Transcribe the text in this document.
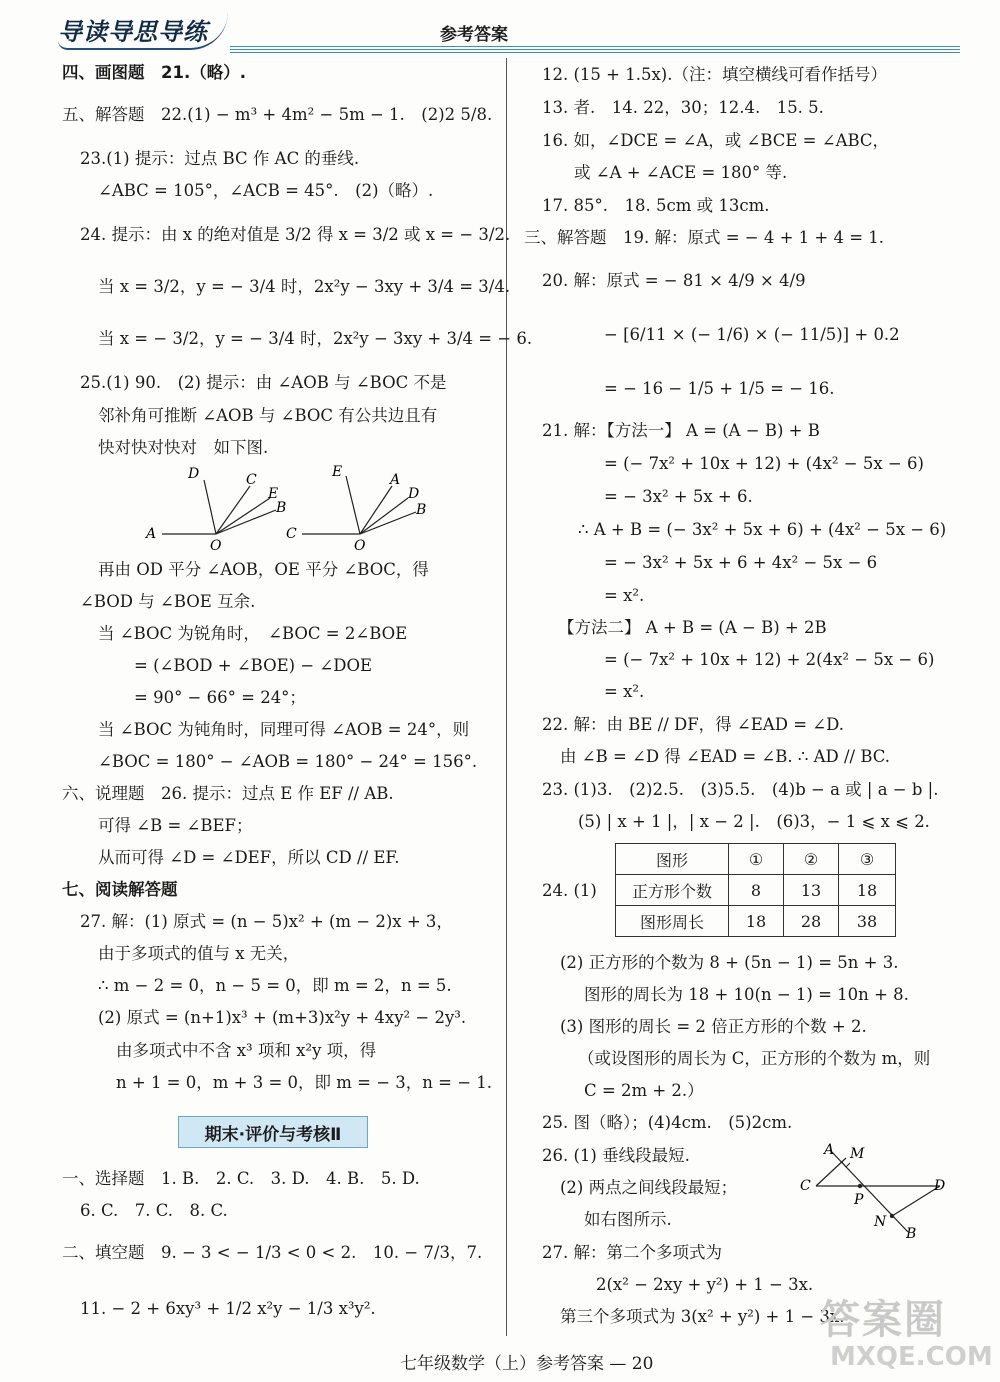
导读导思导练	参考答案
四、画图题　21.（略）.
五、解答题　22.(1) − m³ + 4m² − 5m − 1.　(2)2 5/8.
23.(1) 提示：过点 BC 作 AC 的垂线.
∠ABC = 105°，∠ACB = 45°.　(2)（略）.
24. 提示：由 x 的绝对值是 3/2 得 x = 3/2 或 x = − 3/2.
当 x = 3/2，y = − 3/4 时，2x²y − 3xy + 3/4 = 3/4.
当 x = − 3/2，y = − 3/4 时，2x²y − 3xy + 3/4 = − 6.
25.(1) 90.　(2) 提示：由 ∠AOB 与 ∠BOC 不是
邻补角可推断 ∠AOB 与 ∠BOC 有公共边且有
快对快对快对　如下图.
D	C
E
B
A
O
E	A
D
B
C
O
再由 OD 平分 ∠AOB，OE 平分 ∠BOC，得
∠BOD 与 ∠BOE 互余.
当 ∠BOC 为锐角时，　∠BOC = 2∠BOE
= (∠BOD + ∠BOE) − ∠DOE
= 90° − 66° = 24°；
当 ∠BOC 为钝角时，同理可得 ∠AOB = 24°，则
∠BOC = 180° − ∠AOB = 180° − 24° = 156°.
六、说理题　26. 提示：过点 E 作 EF // AB.
可得 ∠B = ∠BEF；
从而可得 ∠D = ∠DEF，所以 CD // EF.
七、阅读解答题
27. 解：(1) 原式 = (n − 5)x² + (m − 2)x + 3，
由于多项式的值与 x 无关，
∴ m − 2 = 0，n − 5 = 0，即 m = 2，n = 5.
(2) 原式 = (n+1)x³ + (m+3)x²y + 4xy² − 2y³.
由多项式中不含 x³ 项和 x²y 项，得
n + 1 = 0，m + 3 = 0，即 m = − 3，n = − 1.
期末·评价与考核Ⅱ
一、选择题　1. B.　2. C.　3. D.　4. B.　5. D.
6. C.　7. C.　8. C.
二、填空题　9. − 3 < − 1/3 < 0 < 2.　10. − 7/3，7.
11. − 2 + 6xy³ + 1/2 x²y − 1/3 x³y².
12. (15 + 1.5x).（注：填空横线可看作括号）
13. 者.　14. 22，30；12.4.　15. 5.
16. 如，∠DCE = ∠A，或 ∠BCE = ∠ABC，
或 ∠A + ∠ACE = 180° 等.
17. 85°.　18. 5cm 或 13cm.
三、解答题　19. 解：原式 = − 4 + 1 + 4 = 1.
20. 解：原式 = − 81 × 4/9 × 4/9
− [6/11 × (− 1/6) × (− 11/5)] + 0.2
= − 16 − 1/5 + 1/5 = − 16.
21. 解：【方法一】 A = (A − B) + B
= (− 7x² + 10x + 12) + (4x² − 5x − 6)
= − 3x² + 5x + 6.
∴ A + B = (− 3x² + 5x + 6) + (4x² − 5x − 6)
= − 3x² + 5x + 6 + 4x² − 5x − 6
= x².
【方法二】 A + B = (A − B) + 2B
= (− 7x² + 10x + 12) + 2(4x² − 5x − 6)
= x².
22. 解：由 BE // DF，得 ∠EAD = ∠D.
由 ∠B = ∠D 得 ∠EAD = ∠B. ∴ AD // BC.
23. (1)3.　(2)2.5.　(3)5.5.　(4)b − a 或 | a − b |.
(5) | x + 1 |，| x − 2 |.　(6)3，− 1 ⩽ x ⩽ 2.
24. (1)
图形	①	②	③
正方形个数	8	13	18
图形周长	18	28	38
(2) 正方形的个数为 8 + (5n − 1) = 5n + 3.
图形的周长为 18 + 10(n − 1) = 10n + 8.
(3) 图形的周长 = 2 倍正方形的个数 + 2.
（或设图形的周长为 C，正方形的个数为 m，则
C = 2m + 2.）
25. 图（略）；(4)4cm.　(5)2cm.
26. (1) 垂线段最短.
(2) 两点之间线段最短；
如右图所示.
A M
C
P
D
N
B
27. 解：第二个多项式为
2(x² − 2xy + y²) + 1 − 3x.
第三个多项式为 3(x² + y²) + 1 − 3x.
七年级数学（上）参考答案 — 20
答案圈
MXQE.COM
